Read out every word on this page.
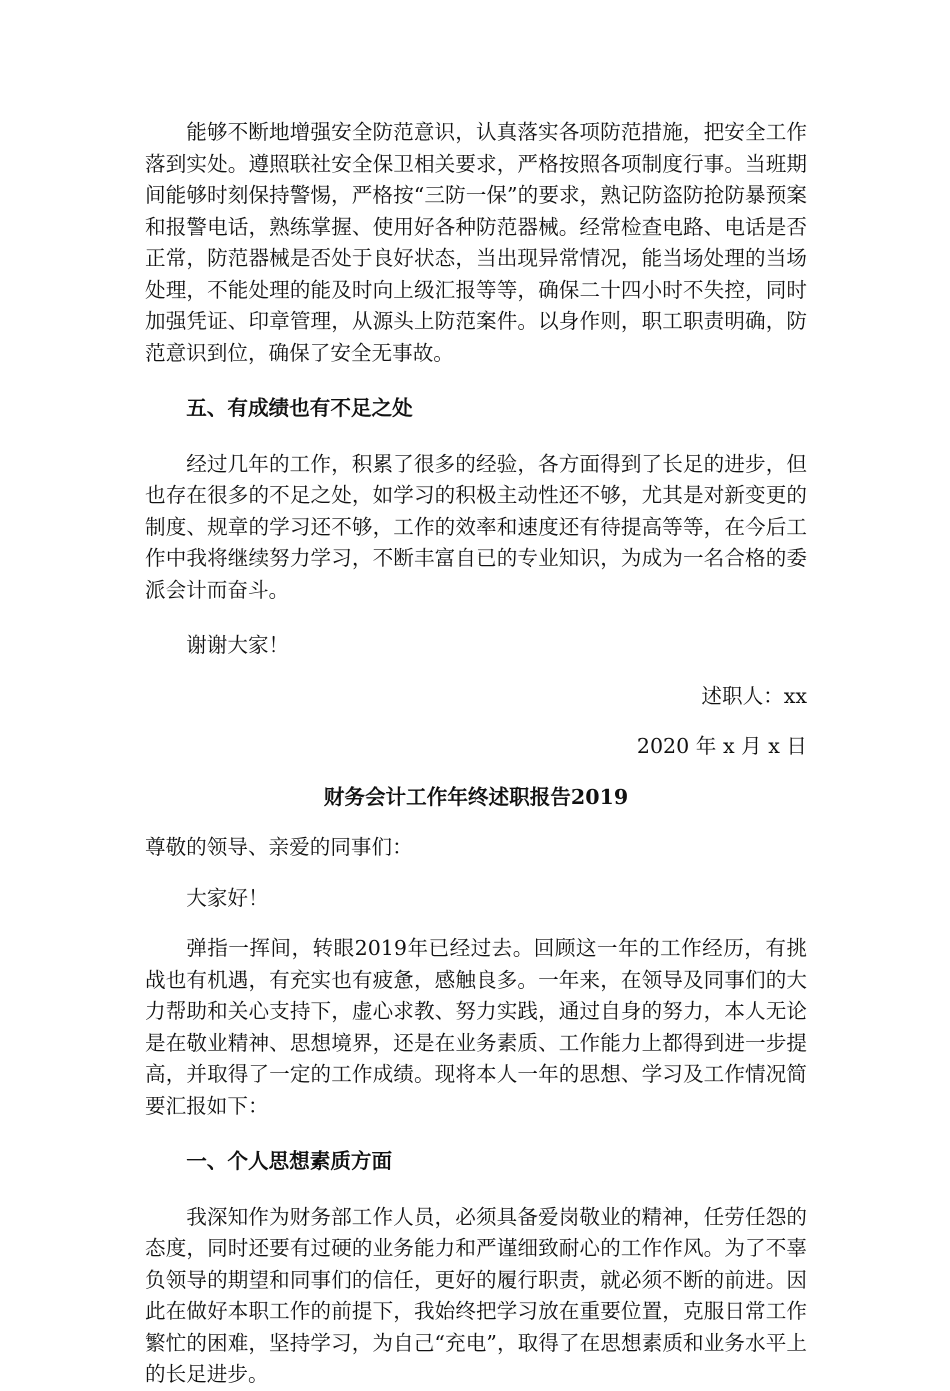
能够不断地增强安全防范意识，认真落实各项防范措施，把安全工作落到实处。遵照联社安全保卫相关要求，严格按照各项制度行事。当班期间能够时刻保持警惕，严格按“三防一保”的要求，熟记防盗防抢防暴预案和报警电话，熟练掌握、使用好各种防范器械。经常检查电路、电话是否正常，防范器械是否处于良好状态，当出现异常情况，能当场处理的当场处理，不能处理的能及时向上级汇报等等，确保二十四小时不失控，同时加强凭证、印章管理，从源头上防范案件。以身作则，职工职责明确，防范意识到位，确保了安全无事故。

五、有成绩也有不足之处

经过几年的工作，积累了很多的经验，各方面得到了长足的进步，但也存在很多的不足之处，如学习的积极主动性还不够，尤其是对新变更的制度、规章的学习还不够，工作的效率和速度还有待提高等等，在今后工作中我将继续努力学习，不断丰富自已的专业知识，为成为一名合格的委派会计而奋斗。

谢谢大家！

述职人：xx

2020 年 x 月 x 日

财务会计工作年终述职报告2019

尊敬的领导、亲爱的同事们：

大家好！

弹指一挥间，转眼2019年已经过去。回顾这一年的工作经历，有挑战也有机遇，有充实也有疲惫，感触良多。一年来，在领导及同事们的大力帮助和关心支持下，虚心求教、努力实践，通过自身的努力，本人无论是在敬业精神、思想境界，还是在业务素质、工作能力上都得到进一步提高，并取得了一定的工作成绩。现将本人一年的思想、学习及工作情况简要汇报如下：

一、个人思想素质方面

我深知作为财务部工作人员，必须具备爱岗敬业的精神，任劳任怨的态度，同时还要有过硬的业务能力和严谨细致耐心的工作作风。为了不辜负领导的期望和同事们的信任，更好的履行职责，就必须不断的前进。因此在做好本职工作的前提下，我始终把学习放在重要位置，克服日常工作繁忙的困难，坚持学习，为自己“充电”，取得了在思想素质和业务水平上的长足进步。
